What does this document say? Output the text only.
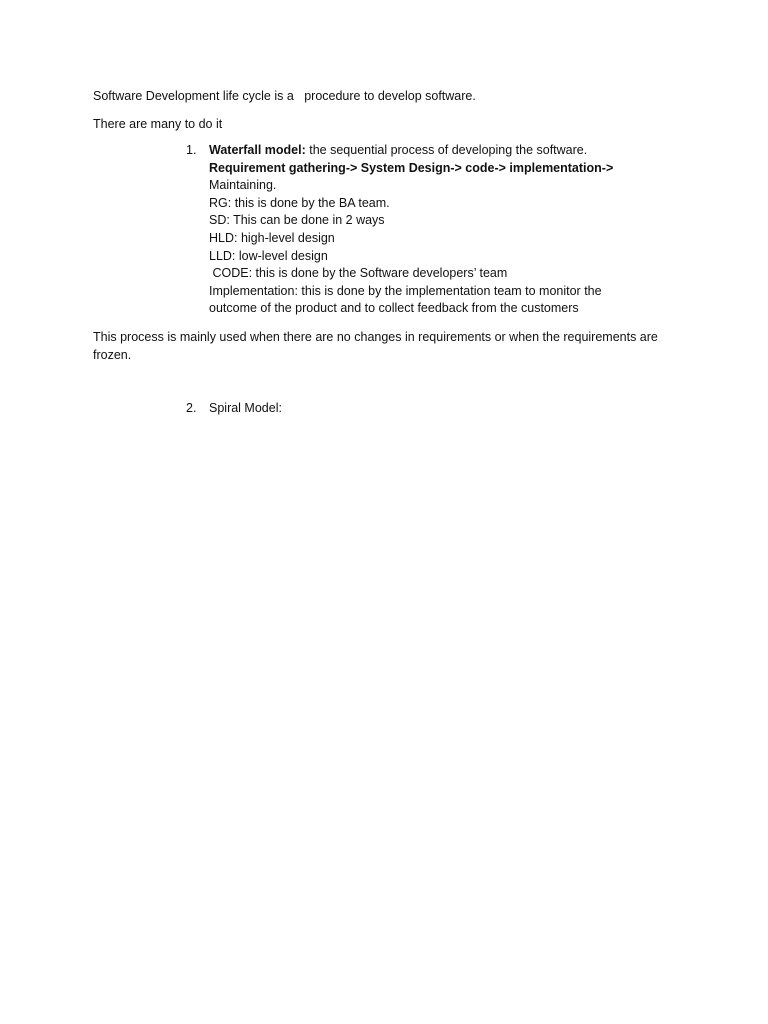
Software Development life cycle is a   procedure to develop software.
There are many to do it
1. Waterfall model: the sequential process of developing the software.
Requirement gathering-> System Design-> code-> implementation->
Maintaining.
RG: this is done by the BA team.
SD: This can be done in 2 ways
HLD: high-level design
LLD: low-level design
CODE: this is done by the Software developers’ team
Implementation: this is done by the implementation team to monitor the
outcome of the product and to collect feedback from the customers
This process is mainly used when there are no changes in requirements or when the requirements are frozen.
2. Spiral Model:
